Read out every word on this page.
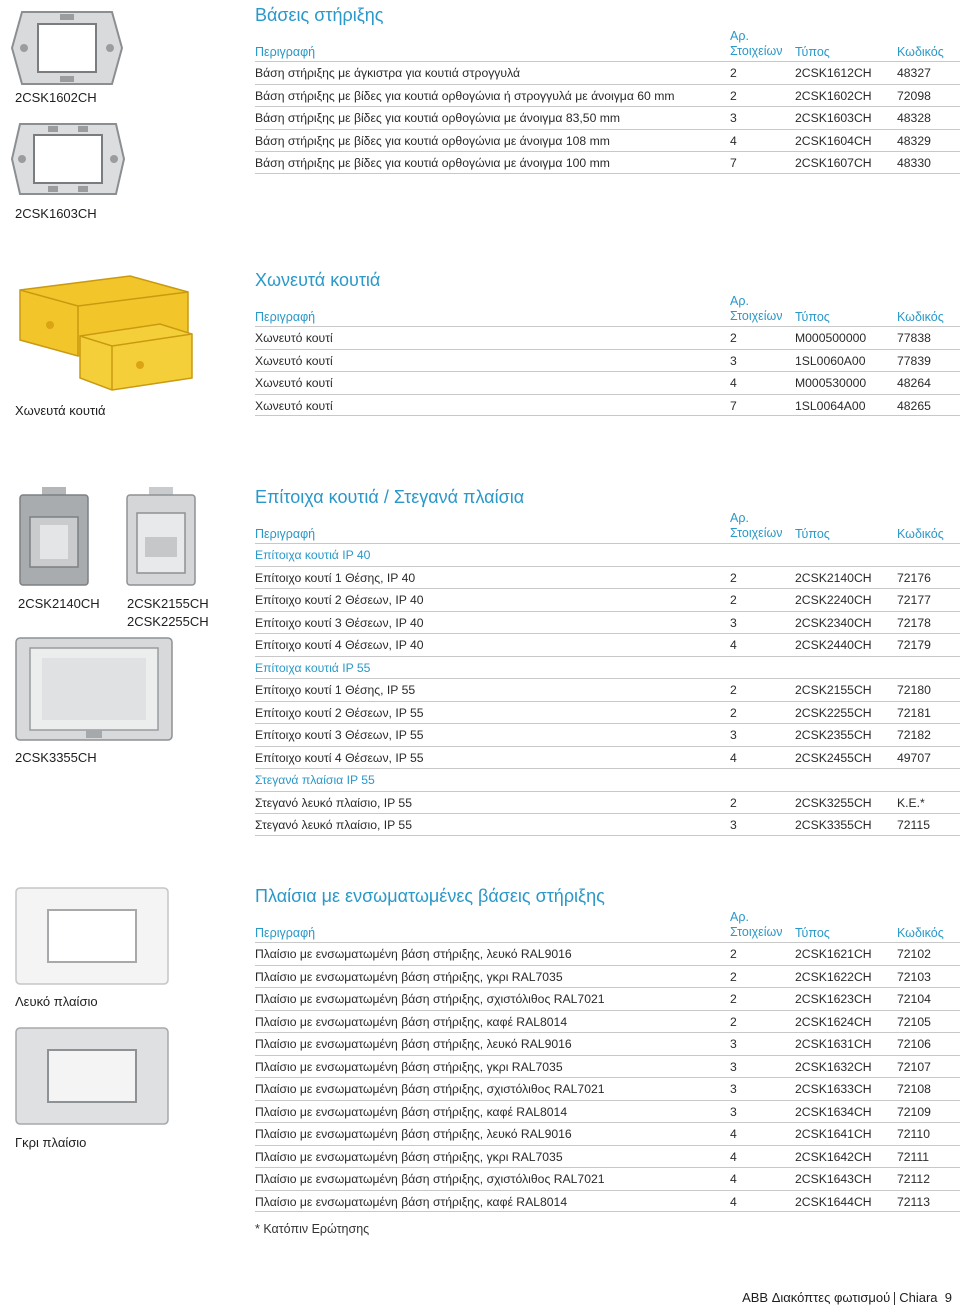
2CSK1602CH
2CSK1603CH
Χωνευτά κουτιά
2CSK2140CH 2CSK2155CH
2CSK2255CH
2CSK3355CH
Λευκό πλαίσιο
Γκρι πλαίσιο
Βάσεις στήριξης
Περιγραφή
Αρ.
Στοιχείων Τύπος	Κωδικός
Βάση στήριξης με άγκιστρα για κουτιά στρογγυλά	2	2CSK1612CH 48327
Βάση στήριξης με βίδες για κουτιά ορθογώνια ή στρογγυλά με άνοιγμα 60 mm	2	2CSK1602CH 72098
Βάση στήριξης με βίδες για κουτιά ορθογώνια με άνοιγμα 83,50 mm	3	2CSK1603CH 48328
Βάση στήριξης με βίδες για κουτιά ορθογώνια με άνοιγμα 108 mm	4	2CSK1604CH 48329
Βάση στήριξης με βίδες για κουτιά ορθογώνια με άνοιγμα 100 mm	7	2CSK1607CH 48330
Χωνευτά κουτιά
Περιγραφή
Αρ.
Στοιχείων Τύπος	Κωδικός
Χωνευτό κουτί	2	M000500000	77838
Χωνευτό κουτί	3	1SL0060A00	77839
Χωνευτό κουτί	4	M000530000	48264
Χωνευτό κουτί	7	1SL0064A00	48265
Επίτοιχα κουτιά / Στεγανά πλαίσια
Περιγραφή
Αρ.
Στοιχείων Τύπος	Κωδικός
Επίτοιχα κουτιά IP 40
Επίτοιχο κουτί 1 Θέσης, IP 40	2	2CSK2140CH 72176
Επίτοιχο κουτί 2 Θέσεων, IP 40	2	2CSK2240CH 72177
Επίτοιχο κουτί 3 Θέσεων, IP 40	3	2CSK2340CH 72178
Επίτοιχο κουτί 4 Θέσεων, IP 40	4	2CSK2440CH 72179
Επίτοιχα κουτιά IP 55
Επίτοιχο κουτί 1 Θέσης, IP 55	2	2CSK2155CH 72180
Επίτοιχο κουτί 2 Θέσεων, IP 55	2	2CSK2255CH 72181
Επίτοιχο κουτί 3 Θέσεων, IP 55	3	2CSK2355CH 72182
Επίτοιχο κουτί 4 Θέσεων, IP 55	4	2CSK2455CH 49707
Στεγανά πλαίσια IP 55
Στεγανό λευκό πλαίσιο, IP 55	2	2CSK3255CH Κ.Ε.*
Στεγανό λευκό πλαίσιο, IP 55	3	2CSK3355CH 72115
Πλαίσια με ενσωματωμένες βάσεις στήριξης
Περιγραφή
Αρ.
Στοιχείων Τύπος	Κωδικός
Πλαίσιο με ενσωματωμένη βάση στήριξης, λευκό RAL9016	2	2CSK1621CH 72102
Πλαίσιο με ενσωματωμένη βάση στήριξης, γκρι RAL7035	2	2CSK1622CH 72103
Πλαίσιο με ενσωματωμένη βάση στήριξης, σχιστόλιθος RAL7021	2	2CSK1623CH 72104
Πλαίσιο με ενσωματωμένη βάση στήριξης, καφέ RAL8014	2	2CSK1624CH 72105
Πλαίσιο με ενσωματωμένη βάση στήριξης, λευκό RAL9016	3	2CSK1631CH 72106
Πλαίσιο με ενσωματωμένη βάση στήριξης, γκρι RAL7035	3	2CSK1632CH 72107
Πλαίσιο με ενσωματωμένη βάση στήριξης, σχιστόλιθος RAL7021	3	2CSK1633CH 72108
Πλαίσιο με ενσωματωμένη βάση στήριξης, καφέ RAL8014	3	2CSK1634CH 72109
Πλαίσιο με ενσωματωμένη βάση στήριξης, λευκό RAL9016	4	2CSK1641CH 72110
Πλαίσιο με ενσωματωμένη βάση στήριξης, γκρι RAL7035	4	2CSK1642CH 72111
Πλαίσιο με ενσωματωμένη βάση στήριξης, σχιστόλιθος RAL7021	4	2CSK1643CH 72112
Πλαίσιο με ενσωματωμένη βάση στήριξης, καφέ RAL8014	4	2CSK1644CH 72113
* Κατόπιν Ερώτησης
ABB Διακόπτες φωτισμού Chiara 9
